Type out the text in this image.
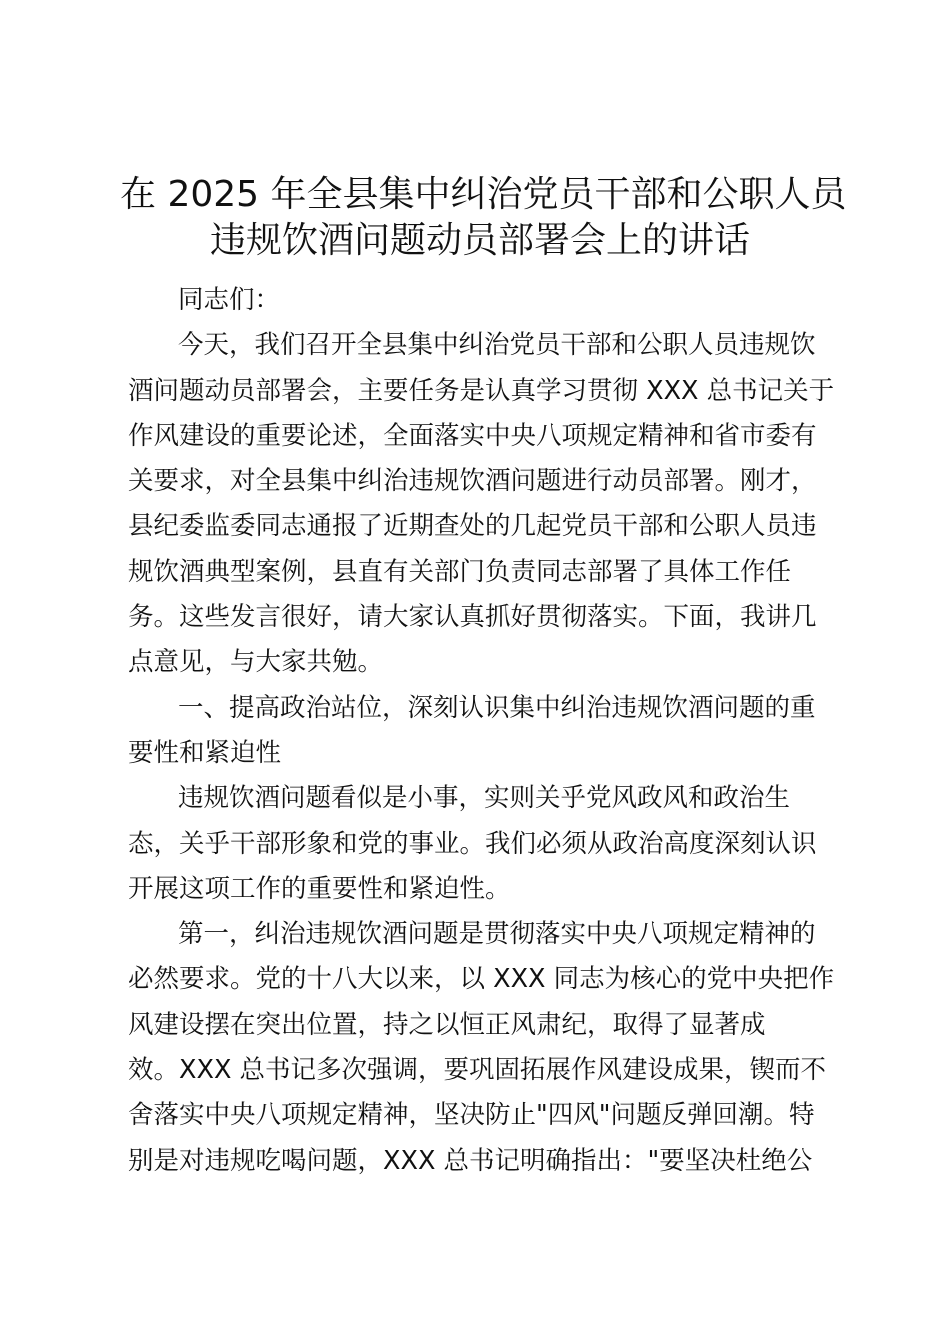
在 2025 年全县集中纠治党员干部和公职人员
违规饮酒问题动员部署会上的讲话
同志们：
今天，我们召开全县集中纠治党员干部和公职人员违规饮
酒问题动员部署会，主要任务是认真学习贯彻 XXX 总书记关于
作风建设的重要论述，全面落实中央八项规定精神和省市委有
关要求，对全县集中纠治违规饮酒问题进行动员部署。刚才，
县纪委监委同志通报了近期查处的几起党员干部和公职人员违
规饮酒典型案例，县直有关部门负责同志部署了具体工作任
务。这些发言很好，请大家认真抓好贯彻落实。下面，我讲几
点意见，与大家共勉。
一、提高政治站位，深刻认识集中纠治违规饮酒问题的重
要性和紧迫性
违规饮酒问题看似是小事，实则关乎党风政风和政治生
态，关乎干部形象和党的事业。我们必须从政治高度深刻认识
开展这项工作的重要性和紧迫性。
第一，纠治违规饮酒问题是贯彻落实中央八项规定精神的
必然要求。党的十八大以来，以 XXX 同志为核心的党中央把作
风建设摆在突出位置，持之以恒正风肃纪，取得了显著成
效。XXX 总书记多次强调，要巩固拓展作风建设成果，锲而不
舍落实中央八项规定精神，坚决防止"四风"问题反弹回潮。特
别是对违规吃喝问题，XXX 总书记明确指出："要坚决杜绝公
